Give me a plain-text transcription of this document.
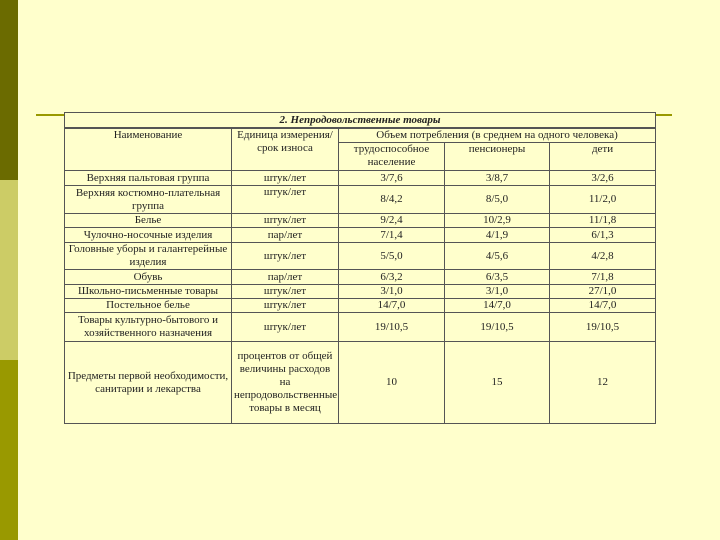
2. Непродовольственные товары				
Наименование	Единица измерения/срок износа	Объем потребления (в среднем на одного человека)		
		трудоспособное население	пенсионеры	дети
Верхняя пальтовая группа	штук/лет	3/7,6	3/8,7	3/2,6
Верхняя костюмно-плательная группа	штук/лет	8/4,2	8/5,0	11/2,0
Белье	штук/лет	9/2,4	10/2,9	11/1,8
Чулочно-носочные изделия	пар/лет	7/1,4	4/1,9	6/1,3
Головные уборы и галантерейные изделия	штук/лет	5/5,0	4/5,6	4/2,8
Обувь	пар/лет	6/3,2	6/3,5	7/1,8
Школьно-письменные товары	штук/лет	3/1,0	3/1,0	27/1,0
Постельное белье	штук/лет	14/7,0	14/7,0	14/7,0
Товары культурно-бытового и хозяйственного назначения	штук/лет	19/10,5	19/10,5	19/10,5
Предметы первой необходимости, санитарии и лекарства	процентов от общей величины расходов на непродовольственные товары в месяц	10	15	12
